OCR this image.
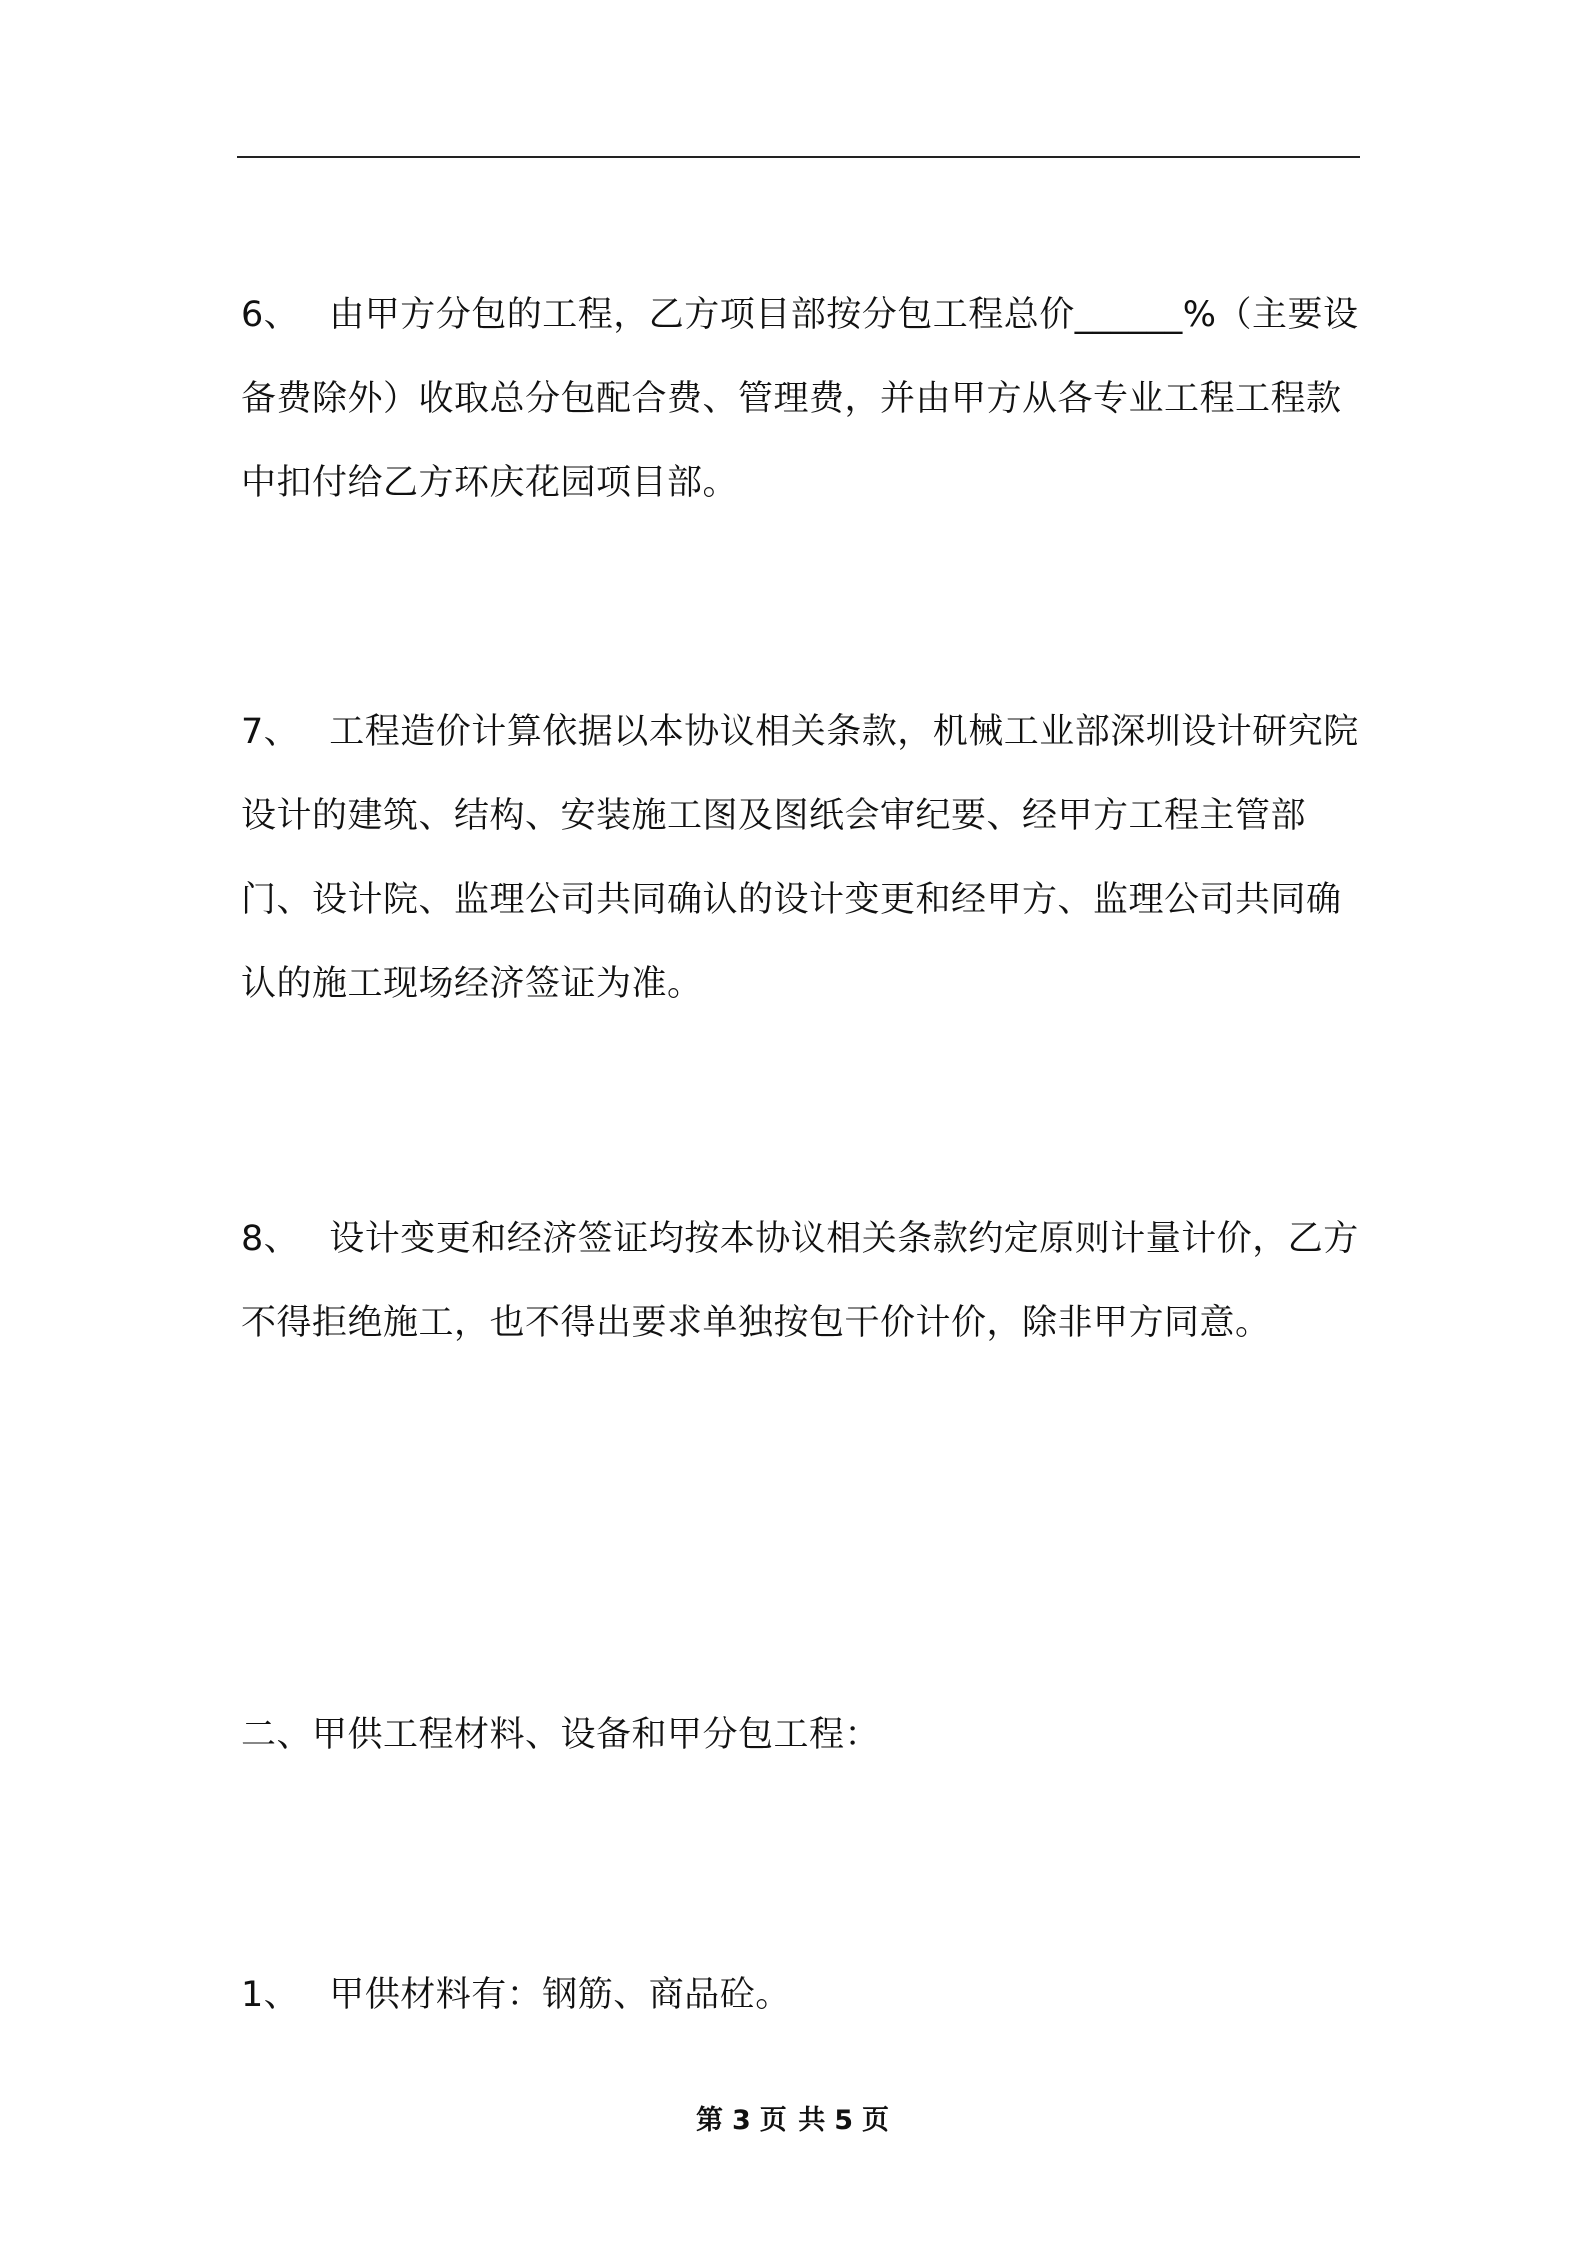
6、 由甲方分包的工程，乙方项目部按分包工程总价______%（主要设备费除外）收取总分包配合费、管理费，并由甲方从各专业工程工程款中扣付给乙方环庆花园项目部。

7、 工程造价计算依据以本协议相关条款，机械工业部深圳设计研究院设计的建筑、结构、安装施工图及图纸会审纪要、经甲方工程主管部门、设计院、监理公司共同确认的设计变更和经甲方、监理公司共同确认的施工现场经济签证为准。

8、 设计变更和经济签证均按本协议相关条款约定原则计量计价，乙方不得拒绝施工，也不得出要求单独按包干价计价，除非甲方同意。

二、甲供工程材料、设备和甲分包工程：

1、 甲供材料有：钢筋、商品砼。

第 3 页 共 5 页
